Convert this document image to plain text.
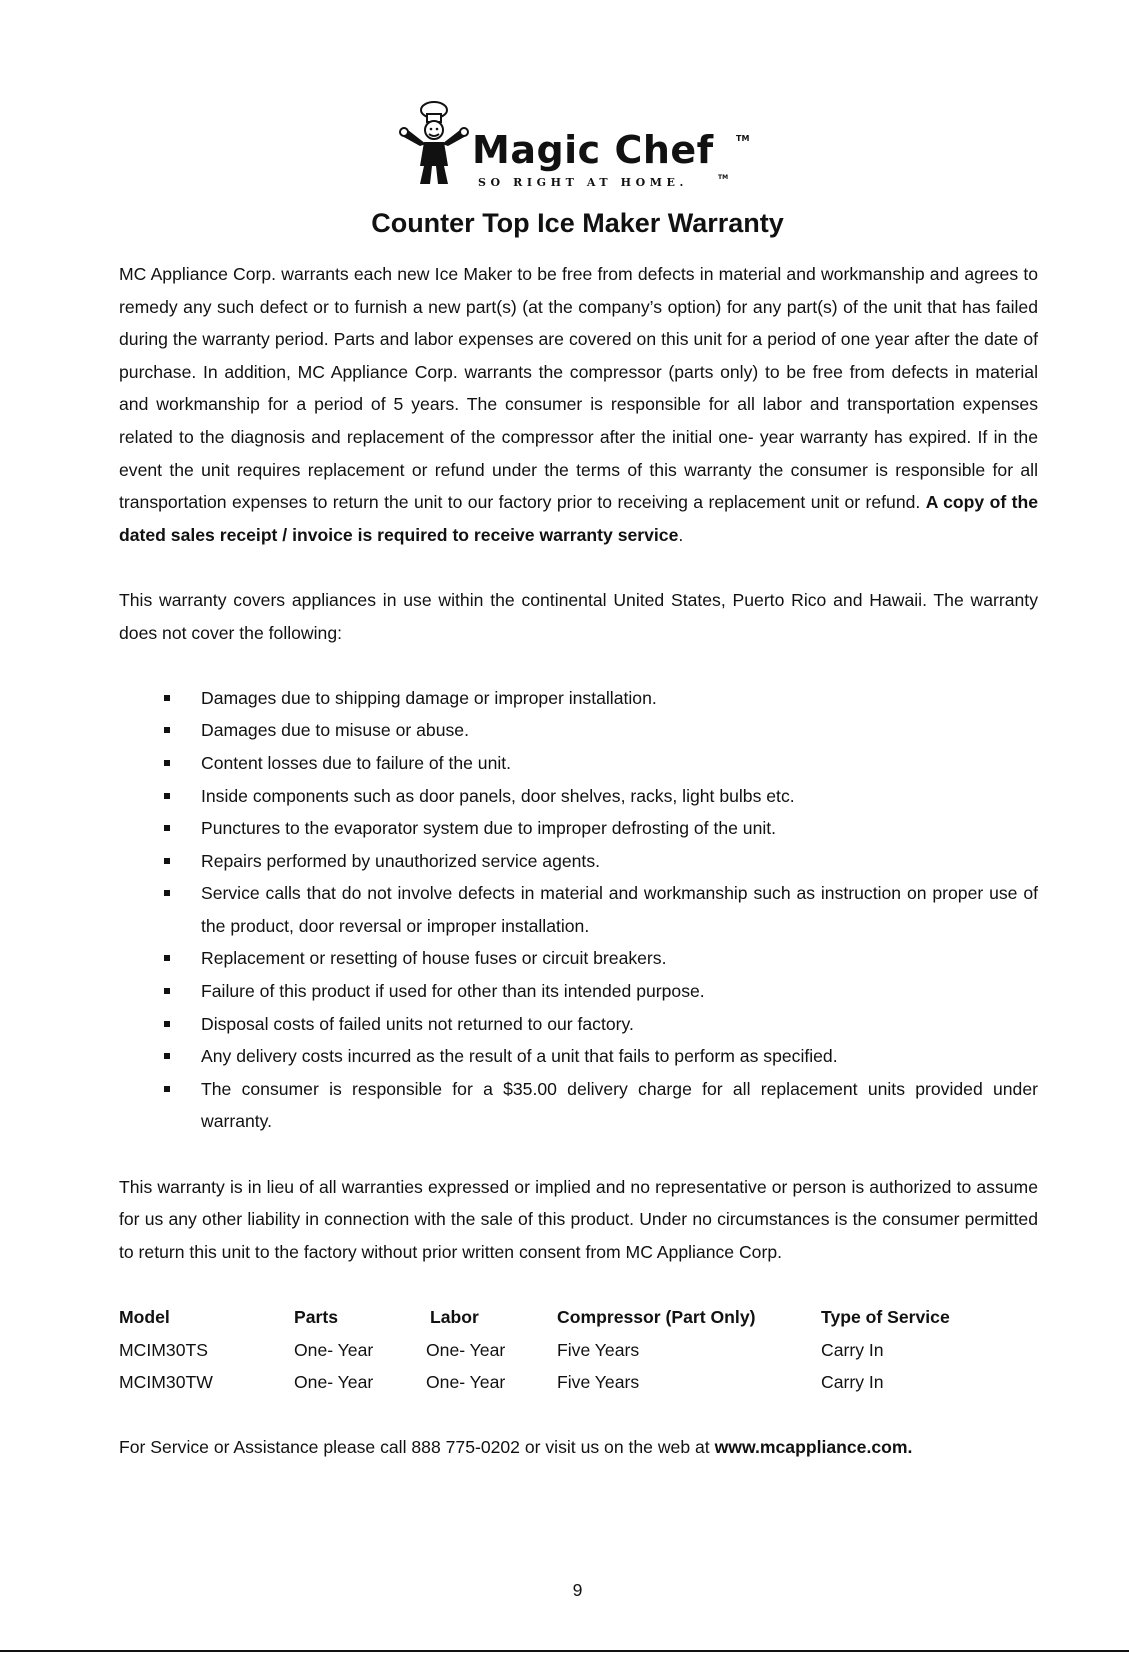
Magic Chef	TM
SO RIGHT AT HOME.	TM
Counter Top Ice Maker Warranty

MC Appliance Corp. warrants each new Ice Maker to be free from defects in material and workmanship and agrees to remedy any such defect or to furnish a new part(s) (at the company’s option) for any part(s) of the unit that has failed during the warranty period. Parts and labor expenses are covered on this unit for a period of one year after the date of purchase. In addition, MC Appliance Corp. warrants the compressor (parts only) to be free from defects in material and workmanship for a period of 5 years. The consumer is responsible for all labor and transportation expenses related to the diagnosis and replacement of the compressor after the initial one- year warranty has expired. If in the event the unit requires replacement or refund under the terms of this warranty the consumer is responsible for all transportation expenses to return the unit to our factory prior to receiving a replacement unit or refund. A copy of the dated sales receipt / invoice is required to receive warranty service.

This warranty covers appliances in use within the continental United States, Puerto Rico and Hawaii. The warranty does not cover the following:

Damages due to shipping damage or improper installation.
Damages due to misuse or abuse.
Content losses due to failure of the unit.
Inside components such as door panels, door shelves, racks, light bulbs etc.
Punctures to the evaporator system due to improper defrosting of the unit.
Repairs performed by unauthorized service agents.
Service calls that do not involve defects in material and workmanship such as instruction on proper use of the product, door reversal or improper installation.
Replacement or resetting of house fuses or circuit breakers.
Failure of this product if used for other than its intended purpose.
Disposal costs of failed units not returned to our factory.
Any delivery costs incurred as the result of a unit that fails to perform as specified.
The consumer is responsible for a $35.00 delivery charge for all replacement units provided under warranty.

This warranty is in lieu of all warranties expressed or implied and no representative or person is authorized to assume for us any other liability in connection with the sale of this product. Under no circumstances is the consumer permitted to return this unit to the factory without prior written consent from MC Appliance Corp.

Model	Parts	Labor	Compressor (Part Only)	Type of Service
MCIM30TS	One- Year	One- Year	Five Years	Carry In
MCIM30TW	One- Year	One- Year	Five Years	Carry In

For Service or Assistance please call 888 775-0202 or visit us on the web at www.mcappliance.com.

9
